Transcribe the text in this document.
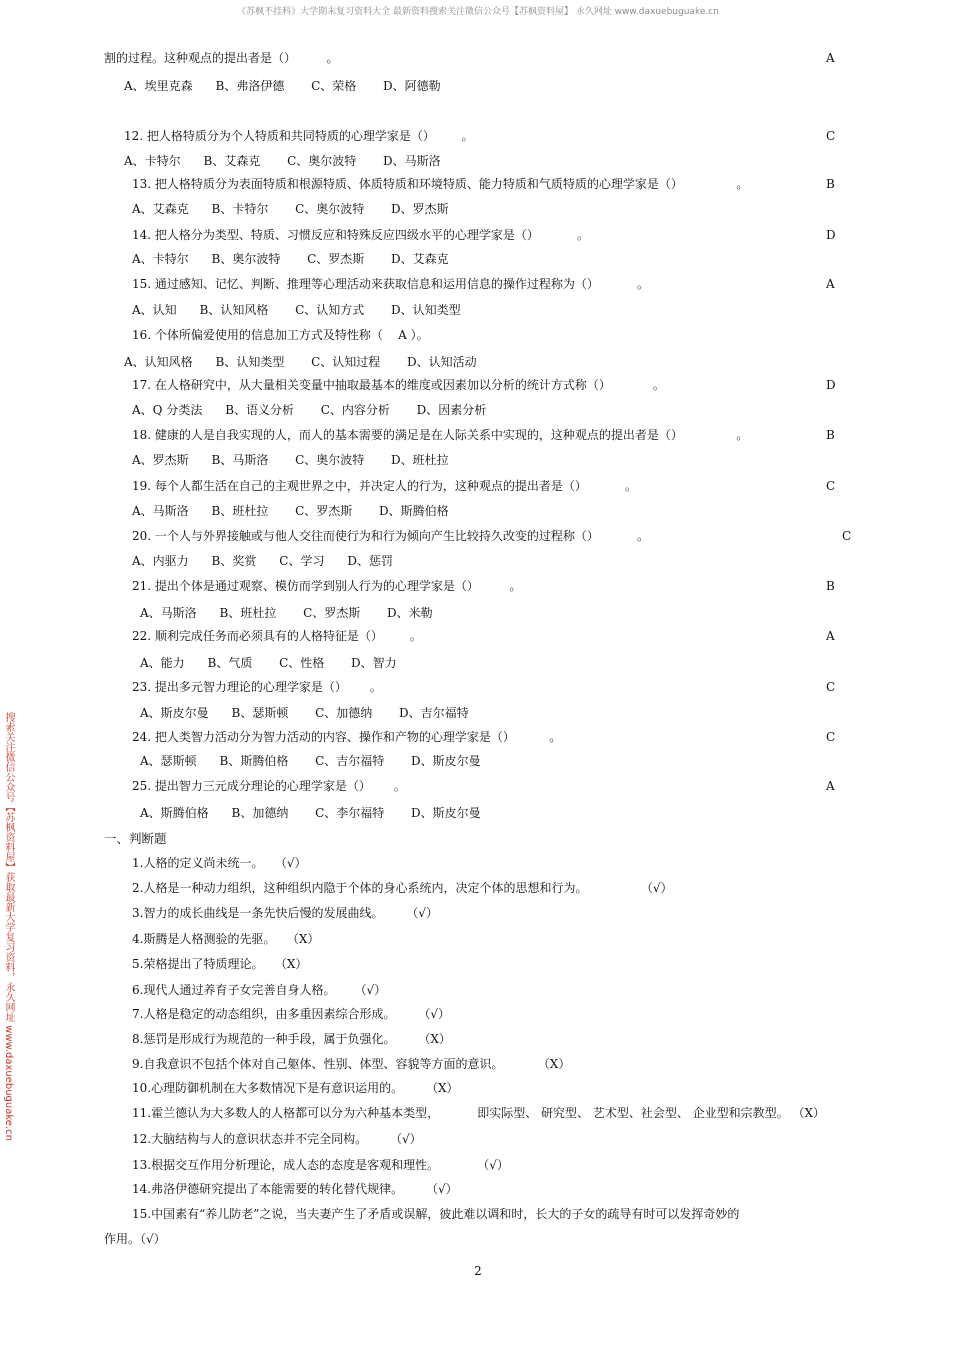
《苏枫不挂科》大学期末复习资料大全 最新资料搜索关注微信公众号【苏枫资料屋】 永久网址 www.daxuebuguake.cn
搜索关注微信公众号【苏枫资料屋】获取最新大学复习资料，永久网址 www.daxuebuguake.cn
割的过程。这种观点的提出者是（）        。	A
A、埃里克森      B、弗洛伊德       C、荣格       D、阿德勒
12. 把人格特质分为个人特质和共同特质的心理学家是（）       。	C
A、卡特尔      B、艾森克       C、奥尔波特       D、马斯洛
13. 把人格特质分为表面特质和根源特质、体质特质和环境特质、能力特质和气质特质的心理学家是（）              。	B
A、艾森克      B、卡特尔       C、奥尔波特       D、罗杰斯
14. 把人格分为类型、特质、习惯反应和特殊反应四级水平的心理学家是（）          。	D
A、卡特尔      B、奥尔波特       C、罗杰斯       D、艾森克
15. 通过感知、记忆、判断、推理等心理活动来获取信息和运用信息的操作过程称为（）          。	A
A、认知      B、认知风格       C、认知方式       D、认知类型
16. 个体所偏爱使用的信息加工方式及特性称（    A ）。
A、认知风格      B、认知类型       C、认知过程       D、认知活动
17. 在人格研究中，从大量相关变量中抽取最基本的维度或因素加以分析的统计方式称（）           。	D
A、Q 分类法      B、语义分析       C、内容分析       D、因素分析
18. 健康的人是自我实现的人，而人的基本需要的满足是在人际关系中实现的，这种观点的提出者是（）              。	B
A、罗杰斯      B、马斯洛       C、奥尔波特       D、班杜拉
19. 每个人都生活在自己的主观世界之中，并决定人的行为，这种观点的提出者是（）          。	C
A、马斯洛      B、班杜拉       C、罗杰斯       D、斯腾伯格
20. 一个人与外界接触或与他人交往而使行为和行为倾向产生比较持久改变的过程称（）          。	C
A、内驱力      B、奖赏      C、学习      D、惩罚
21. 提出个体是通过观察、模仿而学到别人行为的心理学家是（）        。	B
A、马斯洛      B、班杜拉       C、罗杰斯       D、米勒
22. 顺利完成任务而必须具有的人格特征是（）       。	A
A、能力      B、气质       C、性格       D、智力
23. 提出多元智力理论的心理学家是（）      。	C
A、斯皮尔曼      B、瑟斯顿       C、加德纳       D、吉尔福特
24. 把人类智力活动分为智力活动的内容、操作和产物的心理学家是（）         。	C
A、瑟斯顿      B、斯腾伯格       C、吉尔福特       D、斯皮尔曼
25. 提出智力三元成分理论的心理学家是（）      。	A
A、斯腾伯格      B、加德纳       C、李尔福特       D、斯皮尔曼
一、判断题
1.人格的定义尚未统一。   （√）
2.人格是一种动力组织，这种组织内隐于个体的身心系统内，决定个体的思想和行为。              （√）
3.智力的成长曲线是一条先快后慢的发展曲线。      （√）
4.斯腾是人格测验的先驱。   （X）
5.荣格提出了特质理论。   （X）
6.现代人通过养育子女完善自身人格。     （√）
7.人格是稳定的动态组织，由多重因素综合形成。      （√）
8.惩罚是形成行为规范的一种手段，属于负强化。      （X）
9.自我意识不包括个体对自己躯体、性别、体型、容貌等方面的意识。         （X）
10.心理防御机制在大多数情况下是有意识运用的。      （X）
11.霍兰德认为大多数人的人格都可以分为六种基本类型，          即实际型、 研究型、 艺术型、社会型、 企业型和宗教型。 （X）
12.大脑结构与人的意识状态并不完全同构。      （√）
13.根据交互作用分析理论，成人态的态度是客观和理性。          （√）
14.弗洛伊德研究提出了本能需要的转化替代规律。      （√）
15.中国素有“养儿防老”之说，当夫妻产生了矛盾或误解，彼此难以调和时，长大的子女的疏导有时可以发挥奇妙的
作用。（√）
2
